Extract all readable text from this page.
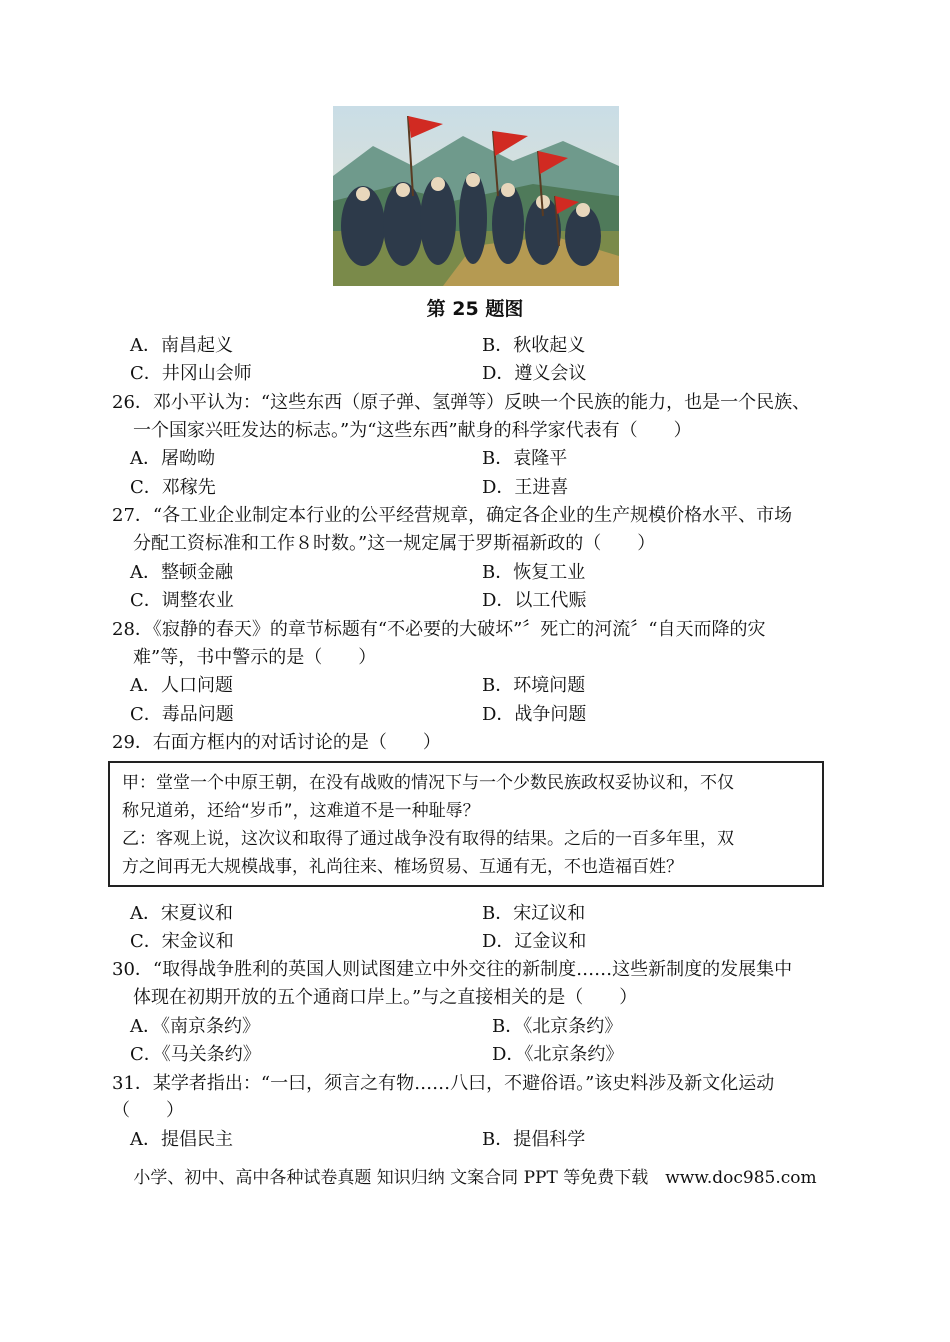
第 25 题图
A．南昌起义	B．秋收起义
C．井冈山会师	D．遵义会议
26．邓小平认为：“这些东西（原子弹、氢弹等）反映一个民族的能力，也是一个民族、
一个国家兴旺发达的标志。”为“这些东西”献身的科学家代表有（　　）
A．屠呦呦	B．袁隆平
C．邓稼先	D．王进喜
27．“各工业企业制定本行业的公平经营规章，确定各企业的生产规模价格水平、市场
分配工资标准和工作８时数。”这一规定属于罗斯福新政的（　　）
A．整顿金融	B．恢复工业
C．调整农业	D．以工代赈
28．《寂静的春天》的章节标题有“不必要的大破坏”〞死亡的河流〞“自天而降的灾
难”等，书中警示的是（　　）
A．人口问题	B．环境问题
C．毒品问题	D．战争问题
29．右面方框内的对话讨论的是（　　）
甲：堂堂一个中原王朝，在没有战败的情况下与一个少数民族政权妥协议和，不仅
称兄道弟，还给“岁币”，这难道不是一种耻辱？
乙：客观上说，这次议和取得了通过战争没有取得的结果。之后的一百多年里，双
方之间再无大规模战事，礼尚往来、榷场贸易、互通有无，不也造福百姓？
A．宋夏议和	B．宋辽议和
C．宋金议和	D．辽金议和
30．“取得战争胜利的英国人则试图建立中外交往的新制度……这些新制度的发展集中
体现在初期开放的五个通商口岸上。”与之直接相关的是（　　）
A．《南京条约》	B．《北京条约》
C．《马关条约》	D．《北京条约》
31．某学者指出：“一曰，须言之有物……八曰，不避俗语。”该史料涉及新文化运动
（　　）
A．提倡民主	B．提倡科学
小学、初中、高中各种试卷真题 知识归纳 文案合同 PPT 等免费下载　www.doc985.com
